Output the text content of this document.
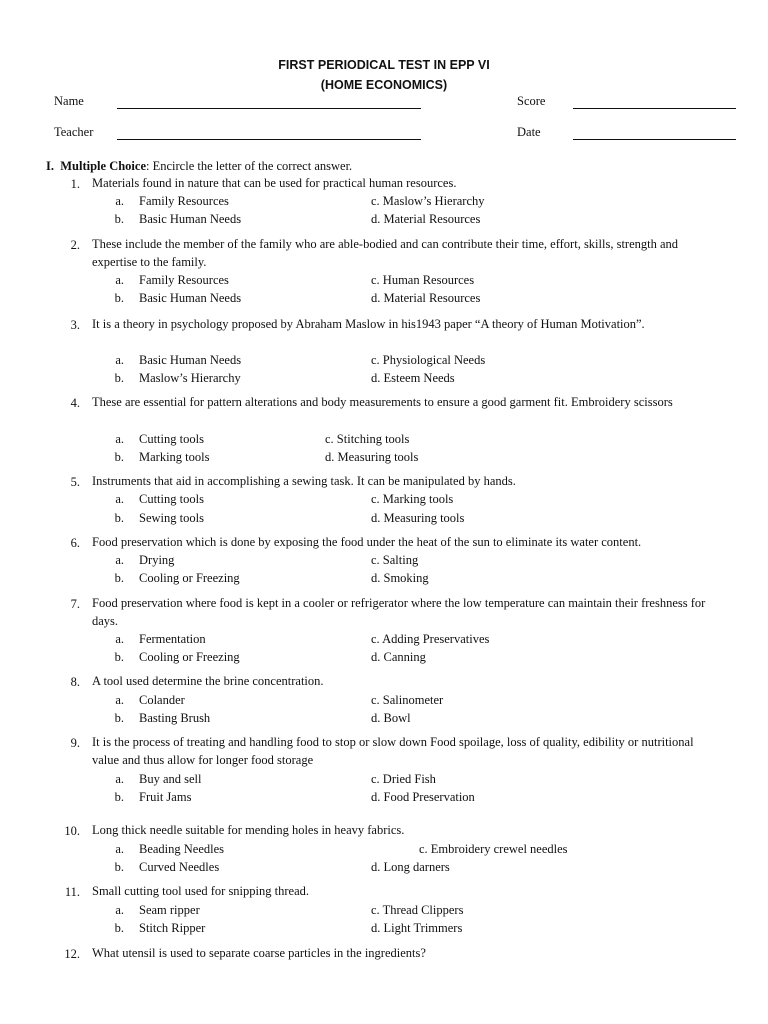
FIRST PERIODICAL TEST IN EPP VI
(HOME ECONOMICS)
Name	Score
Teacher	Date
I. Multiple Choice: Encircle the letter of the correct answer.
1. Materials found in nature that can be used for practical human resources.
a. Family Resources	c. Maslow’s Hierarchy
b. Basic Human Needs	d. Material Resources
2. These include the member of the family who are able-bodied and can contribute their time, effort, skills, strength and expertise to the family.
a. Family Resources	c. Human Resources
b. Basic Human Needs	d. Material Resources
3. It is a theory in psychology proposed by Abraham Maslow in his1943 paper “A theory of Human Motivation”.
a. Basic Human Needs	c. Physiological Needs
b. Maslow’s Hierarchy	d. Esteem Needs
4. These are essential for pattern alterations and body measurements to ensure a good garment fit. Embroidery scissors
a. Cutting tools	c. Stitching tools
b. Marking tools	d. Measuring tools
5. Instruments that aid in accomplishing a sewing task. It can be manipulated by hands.
a. Cutting tools	c. Marking tools
b. Sewing tools	d. Measuring tools
6. Food preservation which is done by exposing the food under the heat of the sun to eliminate its water content.
a. Drying	c. Salting
b. Cooling or Freezing	d. Smoking
7. Food preservation where food is kept in a cooler or refrigerator where the low temperature can maintain their freshness for days.
a. Fermentation	c. Adding Preservatives
b. Cooling or Freezing	d. Canning
8. A tool used determine the brine concentration.
a. Colander	c. Salinometer
b. Basting Brush	d. Bowl
9. It is the process of treating and handling food to stop or slow down Food spoilage, loss of quality, edibility or nutritional value and thus allow for longer food storage
a. Buy and sell	c. Dried Fish
b. Fruit Jams	d. Food Preservation
10. Long thick needle suitable for mending holes in heavy fabrics.
a. Beading Needles	c. Embroidery crewel needles
b. Curved Needles	d. Long darners
11. Small cutting tool used for snipping thread.
a. Seam ripper	c. Thread Clippers
b. Stitch Ripper	d. Light Trimmers
12. What utensil is used to separate coarse particles in the ingredients?
